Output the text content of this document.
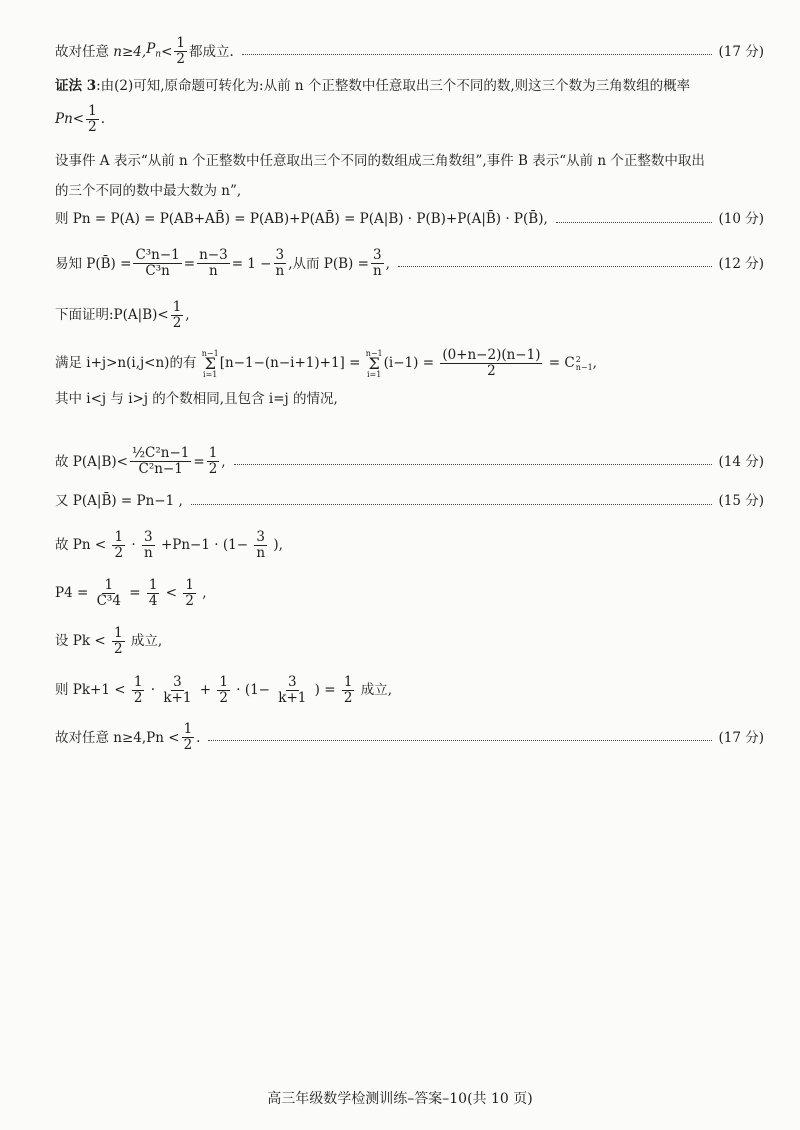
故对任意
n≥4, $P_n < \frac{1}{2}$ 都成立.	(17 分)
证法 3:由(2)可知,原命题可转化为:从前 n 个正整数中任意取出三个不同的数,则这三个数为三角数组的概率
$Pn< \frac{1}{2}$ .
设事件 A 表示“从前 n 个正整数中任意取出三个不同的数组成三角数组”,事件 B 表示“从前 n 个正整数中取出
的三个不同的数中最大数为 n”,
则 Pn = P(A) = P(AB+AB̄) = P(AB)+P(AB̄) = P(A|B) · P(B)+P(A|B̄) · P(B̄),	(10 分)
易知 P(B̄) = $\frac{\text{C³n−1}}{\text{C³n}} = \frac{n-3}{n} = 1 - \frac{3}{n}$ ,从而 $P(B) = \frac{3}{n}$ ,	(12 分)
下面证明:P(A|B)< $\frac{1}{2}$ ,
满足 i+j>n(i,j<n)的有
n−1
Σ
i=1
[n−1−(n−i+1)+1] =
n−1
Σ
i=1
$(i-1) = \frac{(0+n-2)(n-1)}{2} = C$ 2
n−1 ,
其中 i<j 与 i>j 的个数相同,且包含 i=j 的情况,
故 $P(A|B)< \frac{\text{½C²n−1}}{\text{C²n−1}} = \frac{1}{2}$ ,	(14 分)
又 P(A|B̄) = Pn−1 ,	(15 分)
故 $Pn < \frac{1}{2} \cdot \frac{3}{n} +Pn-1 \cdot (1- \frac{3}{n}$ ),
$P4 = \frac{1}{\text{C³4}} = \frac{1}{4} < \frac{1}{2}$ ,
设 $Pk < \frac{1}{2}$ 成立,
则 $Pk+1 < \frac{1}{2} \cdot \frac{3}{k+1} + \frac{1}{2} \cdot (1- \frac{3}{k+1}$ ) = $\frac{1}{2}$ 成立,
故对任意 $n\ge 4,Pn < \frac{1}{2}$ .	(17 分)
高三年级数学检测训练–答案–10(共 10 页)
